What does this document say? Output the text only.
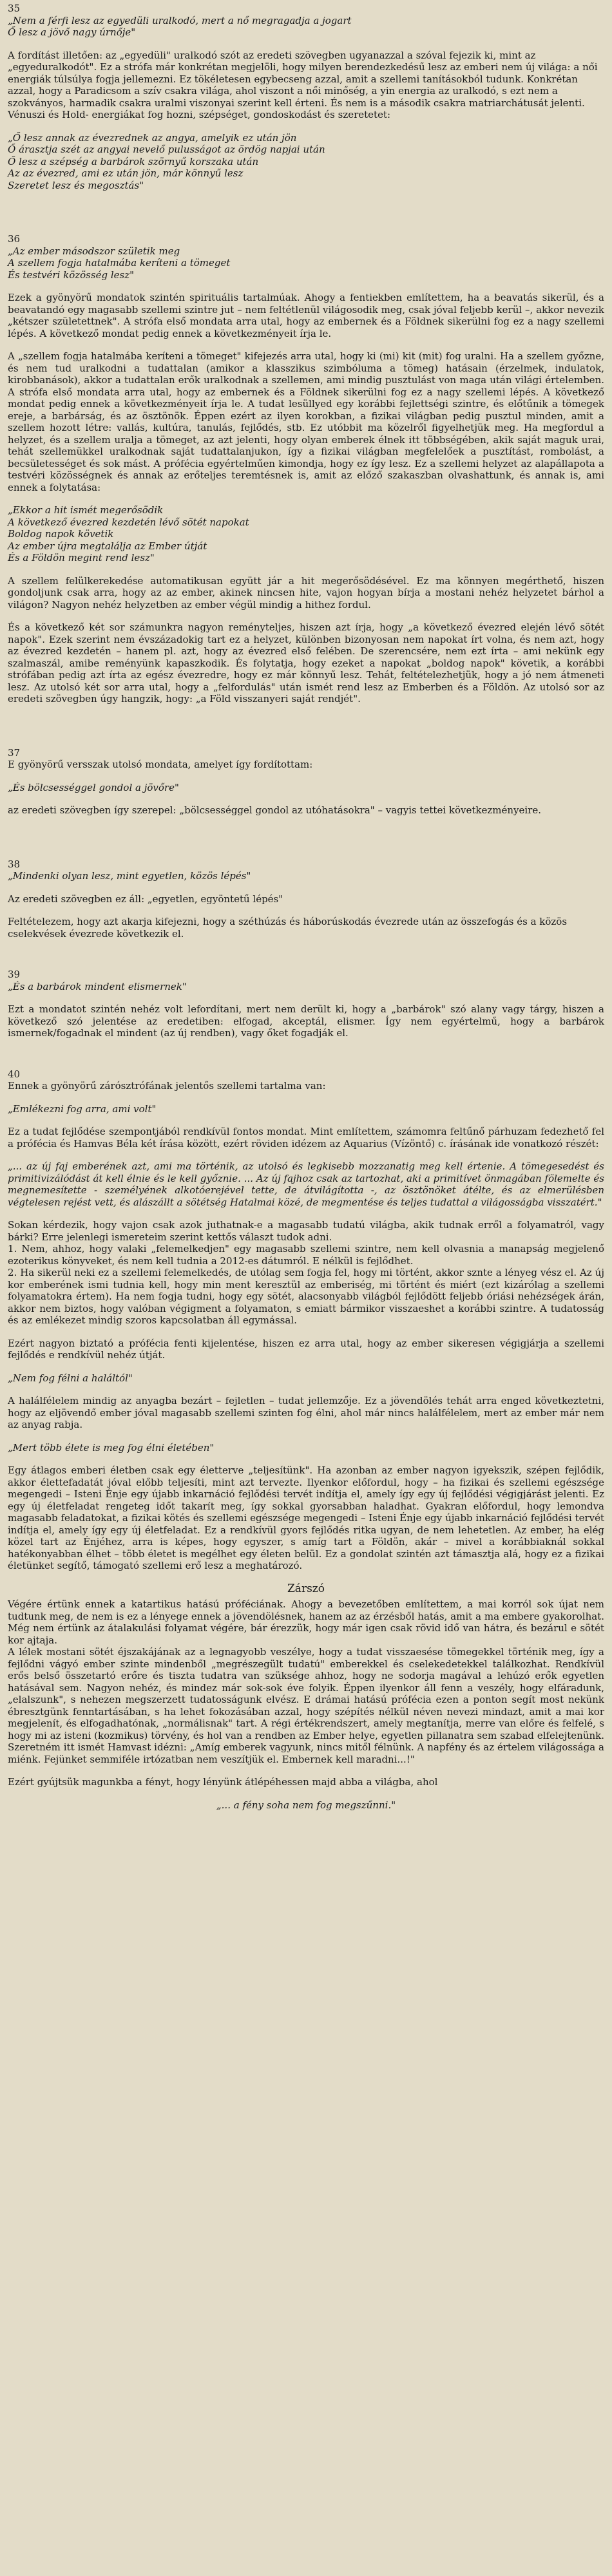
35
„Nem a férfi lesz az egyedüli uralkodó, mert a nő megragadja a jogart
Ő lesz a jövő nagy úrnője"

A fordítást illetően: az „egyedüli" uralkodó szót az eredeti szövegben ugyanazzal a szóval fejezik ki, mint az „egyeduralkodót". Ez a strófa már konkrétan megjelöli, hogy milyen berendezkedésű lesz az emberi nem új világa: a női energiák túlsúlya fogja jellemezni. Ez tökéletesen egybecseng azzal, amit a szellemi tanításokból tudunk. Konkrétan azzal, hogy a Paradicsom a szív csakra világa, ahol viszont a női minőség, a yin energia az uralkodó, s ezt nem a szokványos, harmadik csakra uralmi viszonyai szerint kell érteni. És nem is a második csakra matriarchátusát jelenti. Vénuszi és Hold- energiákat fog hozni, szépséget, gondoskodást és szeretetet:

„Ő lesz annak az évezrednek az angya, amelyik ez után jön
Ő árasztja szét az angyai nevelő pulusságot az ördög napjai után
Ő lesz a szépség a barbárok szörnyű korszaka után
Az az évezred, ami ez után jön, már könnyű lesz
Szeretet lesz és megosztás"
36
„Az ember másodszor születik meg
A szellem fogja hatalmába keríteni a tömeget
És testvéri közösség lesz"

Ezek a gyönyörű mondatok szintén spirituális tartalmúak. Ahogy a fentiekben említettem, ha a beavatás sikerül, és a beavatandó egy magasabb szellemi szintre jut – nem feltétlenül világosodik meg, csak jóval feljebb kerül –, akkor nevezik „kétszer születettnek". A strófa első mondata arra utal, hogy az embernek és a Földnek sikerülni fog ez a nagy szellemi lépés. A következő mondat pedig ennek a következményeit írja le.

A „szellem fogja hatalmába keríteni a tömeget" kifejezés arra utal, hogy ki (mi) kit (mit) fog uralni. Ha a szellem győzne, és nem tud uralkodni a tudattalan (amikor a klasszikus szimbóluma a tömeg) hatásain (érzelmek, indulatok, kirobbanások), akkor a tudattalan erők uralkodnak a szellemen, ami mindig pusztulást von maga után világi értelemben. A strófa első mondata arra utal, hogy az embernek és a Földnek sikerülni fog ez a nagy szellemi lépés. A következő mondat pedig ennek a következményeit írja le. A tudat lesüllyed egy korábbi fejlettségi szintre, és előtűnik a tömegek ereje, a barbárság, és az ösztönök. Éppen ezért az ilyen korokban, a fizikai világban pedig pusztul minden, amit a szellem hozott létre: vallás, kultúra, tanulás, fejlődés, stb. Ez utóbbit ma közelről figyelhetjük meg. Ha megfordul a helyzet, és a szellem uralja a tömeget, az azt jelenti, hogy olyan emberek élnek itt többségében, akik saját maguk urai, tehát szellemükkel uralkodnak saját tudattalanjukon, így a fizikai világban megfelelőek a pusztítást, rombolást, a becsületességet és sok mást. A prófécia egyértelműen kimondja, hogy ez így lesz. Ez a szellemi helyzet az alapállapota a testvéri közösségnek és annak az erőteljes teremtésnek is, amit az előző szakaszban olvashattunk, és annak is, ami ennek a folytatása:

„Ekkor a hit ismét megerősödik
A következő évezred kezdetén lévő sötét napokat
Boldog napok követik
Az ember újra megtalálja az Ember útját
És a Földön megint rend lesz"

A szellem felülkerekedése automatikusan együtt jár a hit megerősödésével. Ez ma könnyen megérthető, hiszen gondoljunk csak arra, hogy az az ember, akinek nincsen hite, vajon hogyan bírja a mostani nehéz helyzetet bárhol a világon? Nagyon nehéz helyzetben az ember végül mindig a hithez fordul.

És a következő két sor számunkra nagyon reményteljes, hiszen azt írja, hogy „a következő évezred elején lévő sötét napok". Ezek szerint nem évszázadokig tart ez a helyzet, különben bizonyosan nem napokat írt volna, és nem azt, hogy az évezred kezdetén – hanem pl. azt, hogy az évezred első felében. De szerencsére, nem ezt írta – ami nekünk egy szalmaszál, amibe reményünk kapaszkodik. És folytatja, hogy ezeket a napokat „boldog napok" követik, a korábbi strófában pedig azt írta az egész évezredre, hogy ez már könnyű lesz. Tehát, feltételezhetjük, hogy a jó nem átmeneti lesz. Az utolsó két sor arra utal, hogy a „felfordulás" után ismét rend lesz az Emberben és a Földön. Az utolsó sor az eredeti szövegben úgy hangzik, hogy: „a Föld visszanyeri saját rendjét".

37

E gyönyörű versszak utolsó mondata, amelyet így fordítottam:

„És bölcsességgel gondol a jövőre"

az eredeti szövegben így szerepel: „bölcsességgel gondol az utóhatásokra" – vagyis tettei következményeire.

38
„Mindenki olyan lesz, mint egyetlen, közös lépés"

Az eredeti szövegben ez áll: „egyetlen, egyöntetű lépés"

Feltételezem, hogy azt akarja kifejezni, hogy a széthúzás és háborúskodás évezrede után az összefogás és a közös cselekvések évezrede következik el.

39
„És a barbárok mindent elismernek"

Ezt a mondatot szintén nehéz volt lefordítani, mert nem derült ki, hogy a „barbárok" szó alany vagy tárgy, hiszen a következő szó jelentése az eredetiben: elfogad, akceptál, elismer. Így nem egyértelmű, hogy a barbárok ismernek/fogadnak el mindent (az új rendben), vagy őket fogadják el.

40

Ennek a gyönyörű zárósztrófának jelentős szellemi tartalma van:

„Emlékezni fog arra, ami volt"

Ez a tudat fejlődése szempontjából rendkívül fontos mondat. Mint említettem, számomra feltűnő párhuzam fedezhető fel a prófécia és Hamvas Béla két írása között, ezért röviden idézem az Aquarius (Vízöntő) c. írásának ide vonatkozó részét:

„... az új faj emberének azt, ami ma történik, az utolsó és legkisebb mozzanatig meg kell értenie. A tömegesedést és primitivizálódást át kell élnie és le kell győznie. ... Az új fajhoz csak az tartozhat, aki a primitívet önmagában fölemelte és megnemesítette - személyének alkotóerejével tette, de átvilágította -, az ösztönöket átélte, és az elmerülésben végtelesen rejést vett, és alászállt a sötétség Hatalmai közé, de megmentése és teljes tudattal a világosságba visszatért."

Sokan kérdezik, hogy vajon csak azok juthatnak-e a magasabb tudatú világba, akik tudnak erről a folyamatról, vagy bárki? Erre jelenlegi ismereteim szerint kettős választ tudok adni.

1. Nem, ahhoz, hogy valaki „felemelkedjen" egy magasabb szellemi szintre, nem kell olvasnia a manapság megjelenő ezoterikus könyveket, és nem kell tudnia a 2012-es dátumról. E nélkül is fejlődhet.

2. Ha sikerül neki ez a szellemi felemelkedés, de utólag sem fogja fel, hogy mi történt, akkor sznte a lényeg vész el. Az új kor emberének ismi tudnia kell, hogy min ment keresztül az emberiség, mi történt és miért (ezt kizárólag a szellemi folyamatokra értem). Ha nem fogja tudni, hogy egy sötét, alacsonyabb világból fejlődött feljebb óriási nehézségek árán, akkor nem biztos, hogy valóban végigment a folyamaton, s emiatt bármikor visszaeshet a korábbi szintre. A tudatosság és az emlékezet mindig szoros kapcsolatban áll egymással.

Ezért nagyon biztató a prófécia fenti kijelentése, hiszen ez arra utal, hogy az ember sikeresen végigjárja a szellemi fejlődés e rendkívül nehéz útját.

„Nem fog félni a haláltól"

A halálfélelem mindig az anyagba bezárt – fejletlen – tudat jellemzője. Ez a jövendölés tehát arra enged következtetni, hogy az eljövendő ember jóval magasabb szellemi szinten fog élni, ahol már nincs halálfélelem, mert az ember már nem az anyag rabja.

„Mert több élete is meg fog élni életében"

Egy átlagos emberi életben csak egy életterve „teljesítünk". Ha azonban az ember nagyon igyekszik, szépen fejlődik, akkor élettefadatát jóval előbb teljesíti, mint azt tervezte. Ilyenkor előfordul, hogy – ha fizikai és szellemi egészsége megengedi – Isteni Énje egy újabb inkarnáció fejlődési tervét indítja el, amely így egy új fejlődési végigjárást jelenti. Ez egy új életfeladat rengeteg időt takarít meg, így sokkal gyorsabban haladhat. Gyakran előfordul, hogy lemondva magasabb feladatokat, a fizikai kötés és szellemi egészsége megengedi – Isteni Énje egy újabb inkarnáció fejlődési tervét indítja el, amely így egy új életfeladat. Ez a rendkívül gyors fejlődés ritka ugyan, de nem lehetetlen. Az ember, ha elég közel tart az Énjéhez, arra is képes, hogy egyszer, s amíg tart a Földön, akár – mivel a korábbiaknál sokkal hatékonyabban élhet – több életet is megélhet egy életen belül. Ez a gondolat szintén azt támasztja alá, hogy ez a fizikai életünket segítő, támogató szellemi erő lesz a meghatározó.

Zárszó

Végére értünk ennek a katartikus hatású próféciának. Ahogy a bevezetőben említettem, a mai korról sok újat nem tudtunk meg, de nem is ez a lényege ennek a jövendölésnek, hanem az az érzésből hatás, amit a ma embere gyakorolhat. Még nem értünk az átalakulási folyamat végére, bár érezzük, hogy már igen csak rövid idő van hátra, és bezárul e sötét kor ajtaja.

A lélek mostani sötét éjszakájának az a legnagyobb veszélye, hogy a tudat visszaesése tömegekkel történik meg, így a fejlődni vágyó ember szinte mindenből „megrészegült tudatú" emberekkel és cselekedetekkel találkozhat. Rendkívül erős belső összetartó erőre és tiszta tudatra van szüksége ahhoz, hogy ne sodorja magával a lehúzó erők egyetlen hatásával sem. Nagyon nehéz, és mindez már sok-sok éve folyik. Éppen ilyenkor áll fenn a veszély, hogy elfáradunk, „elalszunk", s nehezen megszerzett tudatosságunk elvész. E drámai hatású prófécia ezen a ponton segít most nekünk ébresztgünk fenntartásában, s ha lehet fokozásában azzal, hogy szépítés nélkül néven nevezi mindazt, amit a mai kor megjelenít, és elfogadhatónak, „normálisnak" tart. A régi értékrendszert, amely megtanítja, merre van előre és felfelé, s hogy mi az isteni (kozmikus) törvény, és hol van a rendben az Ember helye, egyetlen pillanatra sem szabad elfelejtenünk. Szeretném itt ismét Hamvast idézni: „Amíg emberek vagyunk, nincs mitől félnünk. A napfény és az értelem világossága a miénk. Fejünket semmiféle irtózatban nem veszítjük el. Embernek kell maradni...!"

Ezért gyújtsük magunkba a fényt, hogy lényünk átlépéhessen majd abba a világba, ahol

„... a fény soha nem fog megszűnni."
